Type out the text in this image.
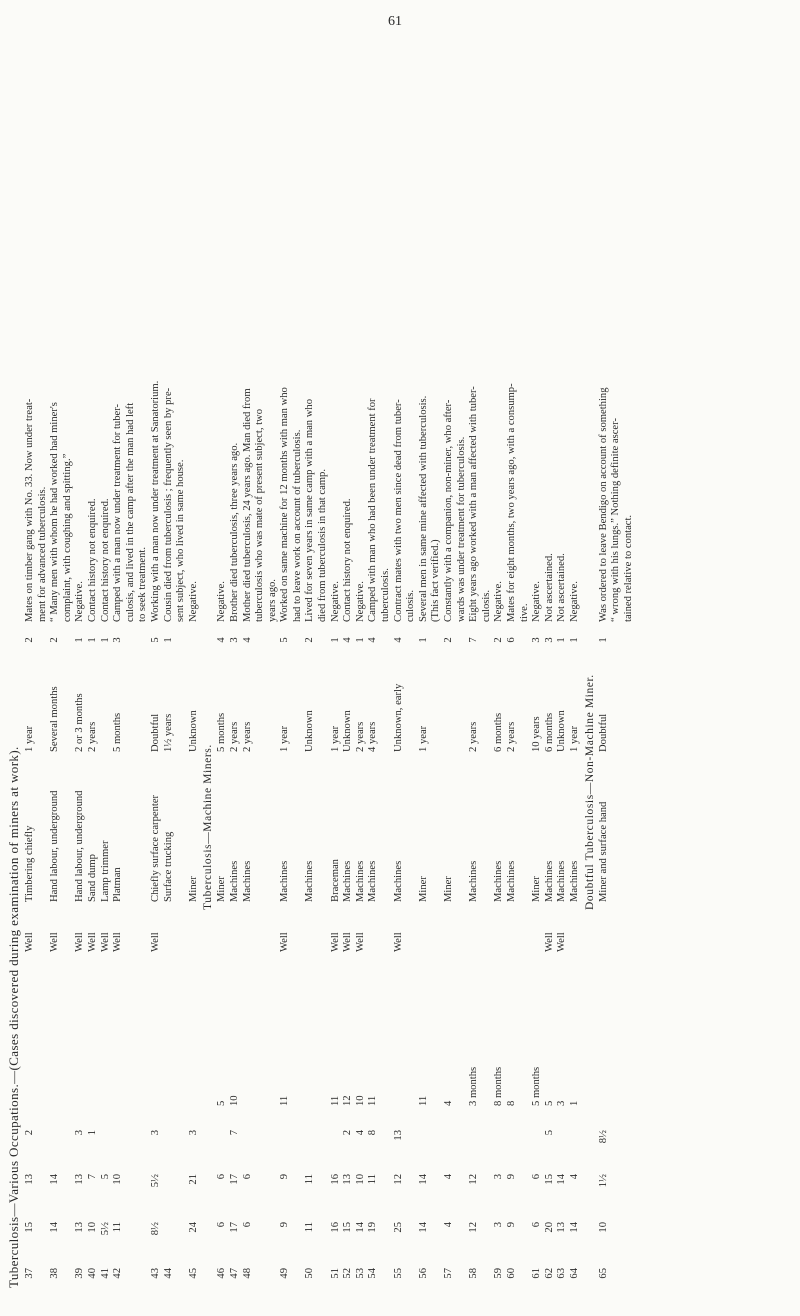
61
Tuberculosis—Various Occupations.—(Cases discovered during examination of miners at work). 37
15
13
2
Well
Timbering chiefly
1 year
2
Mates on timber gang with No. 33. Now under treat- ment for advanced tuberculosis.
38
14
14
Well
Hand labour, underground
Several months
2
“ Many men with whom he had worked had miner's complaint, with coughing and spitting.”
39
13
13
3
Well
Hand labour, underground
2 or 3 months
1
Negative.
40
10
7
1
Well
Sand dump
2 years
1
Contact history not enquired.
41
5½
5
Well
Lamp trimmer
1
Contact history not enquired.
42
11
10
Well
Platman
5 months
3
Camped with a man now under treatment for tuber- culosis, and lived in the camp after the man had left to seek treatment.
43
8½
5½
3
Well
Chiefly surface carpenter
Doubtful
5
Working with a man now under treatment at Sanatorium.
44
Surface trucking
1½ years
1
Cousin died from tuberculosis ; frequently seen by pre- sent subject, who lived in same house.
45
24
21
3
Miner
Unknown
Negative.
Tuberculosis—Machine Miners.
46
6
6
5
Miner
5 months
4
Negative.
47
17
17
7
10
Machines
2 years
3
Brother died tuberculosis, three years ago.
48
6
6
Machines
2 years
4
Mother died tuberculosis, 24 years ago. Man died from tuberculosis who was mate of present subject, two years ago.
49
9
9
11
Well
Machines
1 year
5
Worked on same machine for 12 months with man who had to leave work on account of tuberculosis.
50
11
11
Machines
Unknown
2
Lived for seven years in same camp with a man who died from tuberculosis in that camp.
51
16
16
11
Well
Braceman
1 year
1
Negative.
52
15
13
2
12
Well
Machines
Unknown
4
Contact history not enquired.
53
14
10
4
10
Well
Machines
2 years
1
Negative.
54
19
11
8
11
Machines
4 years
4
Camped with man who had been under treatment for tuberculosis.
55
25
12
13
Well
Machines
Unknown, early
4
Contract mates with two men since dead from tuber- culosis.
56
14
14
11
Miner
1 year
1
Several men in same mine affected with tuberculosis. (This fact verified.)
57
4
4
4
Miner
2
Constantly with a companion, non-miner, who after- wards was under treatment for tuberculosis.
58
12
12
3 months
Machines
2 years
7
Eight years ago worked with a man affected with tuber- culosis.
59
3
3
8 months
Machines
6 months
2
Negative.
60
9
9
8
Machines
2 years
6
Mates for eight months, two years ago, with a consump- tive.
61
6
6
5 months
Miner
10 years
3
Negative.
62
20
15
5
5
Well
Machines
6 months
3
Not ascertained.
63
13
14
3
Well
Machines
Unknown
1
Not ascertained.
64
14
4
1
Machines
1 year
1
Negative.
Doubtful Tuberculosis—Non-Machine Miner.
65
10
1½
8½
Miner and surface hand
Doubtful
1
Was ordered to leave Bendigo on account of something “ wrong with his lungs.” Nothing definite ascer- tained relative to contact.
